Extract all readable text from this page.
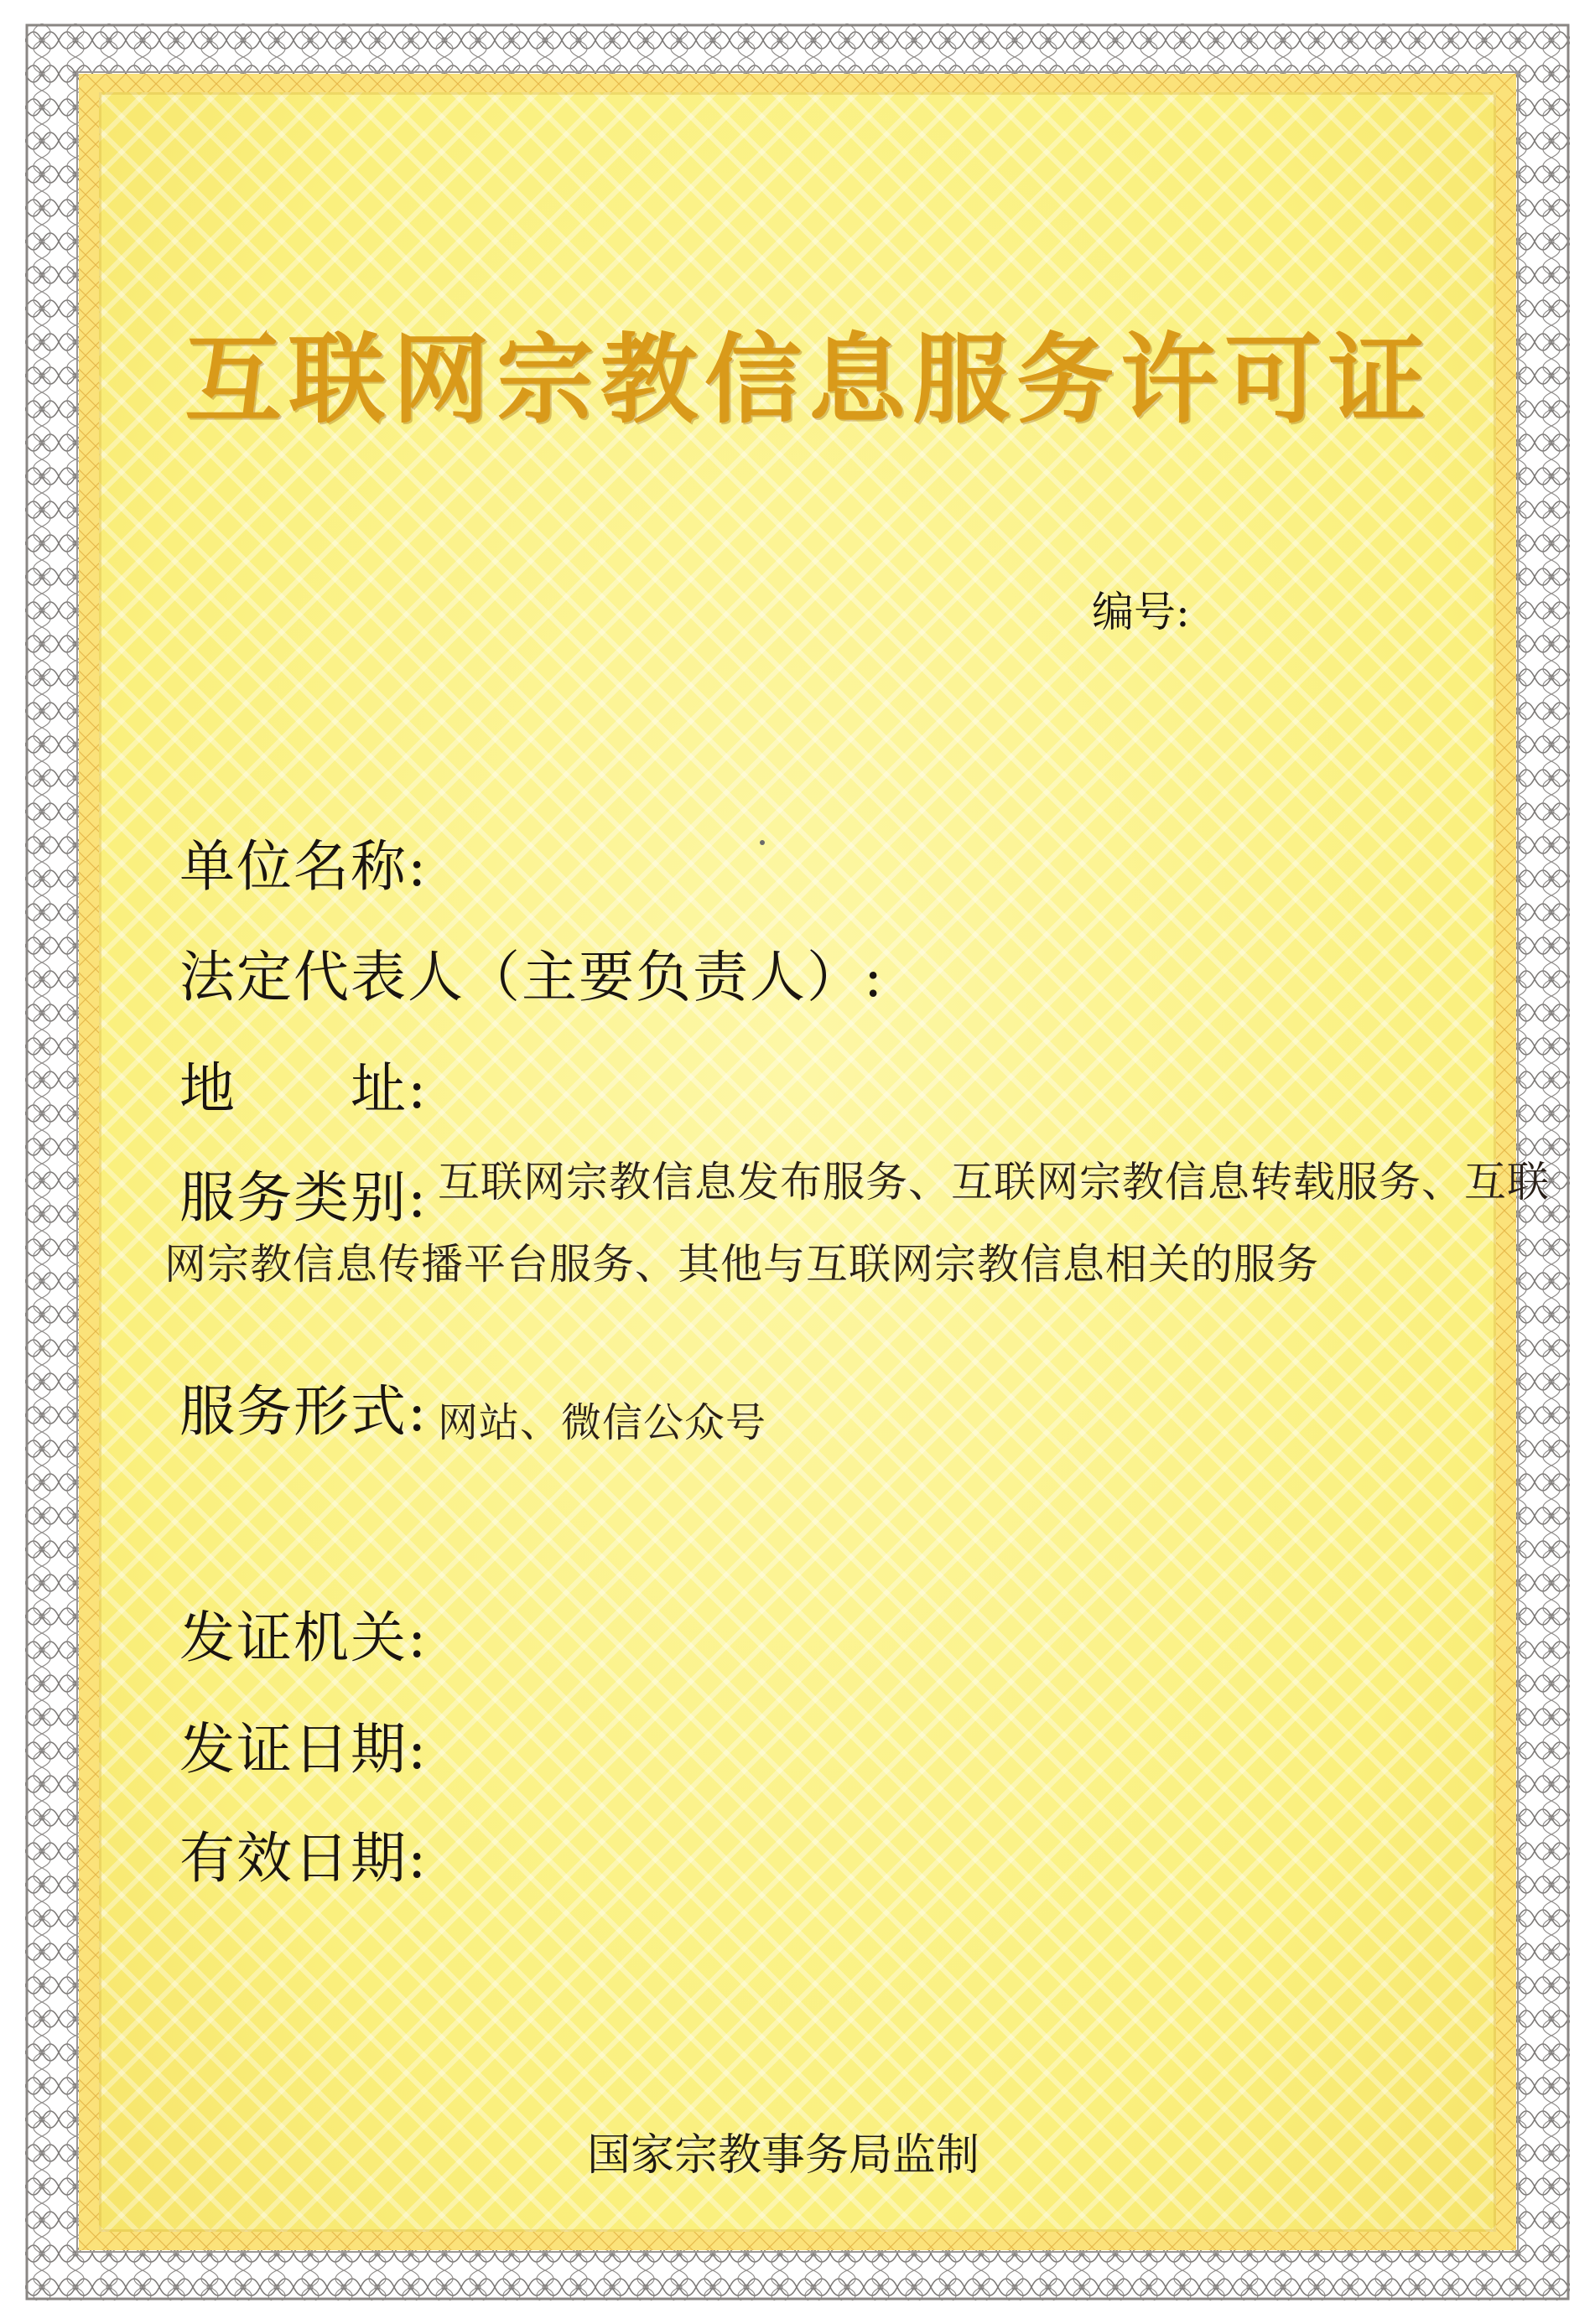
互联网宗教信息服务许可证
编号:
单位名称:
法定代表人（主要负责人）:
地　　址:
服务类别: 互联网宗教信息发布服务、互联网宗教信息转载服务、互联
网宗教信息传播平台服务、其他与互联网宗教信息相关的服务
服务形式: 网站、微信公众号
发证机关:
发证日期:
有效日期:
国家宗教事务局监制
